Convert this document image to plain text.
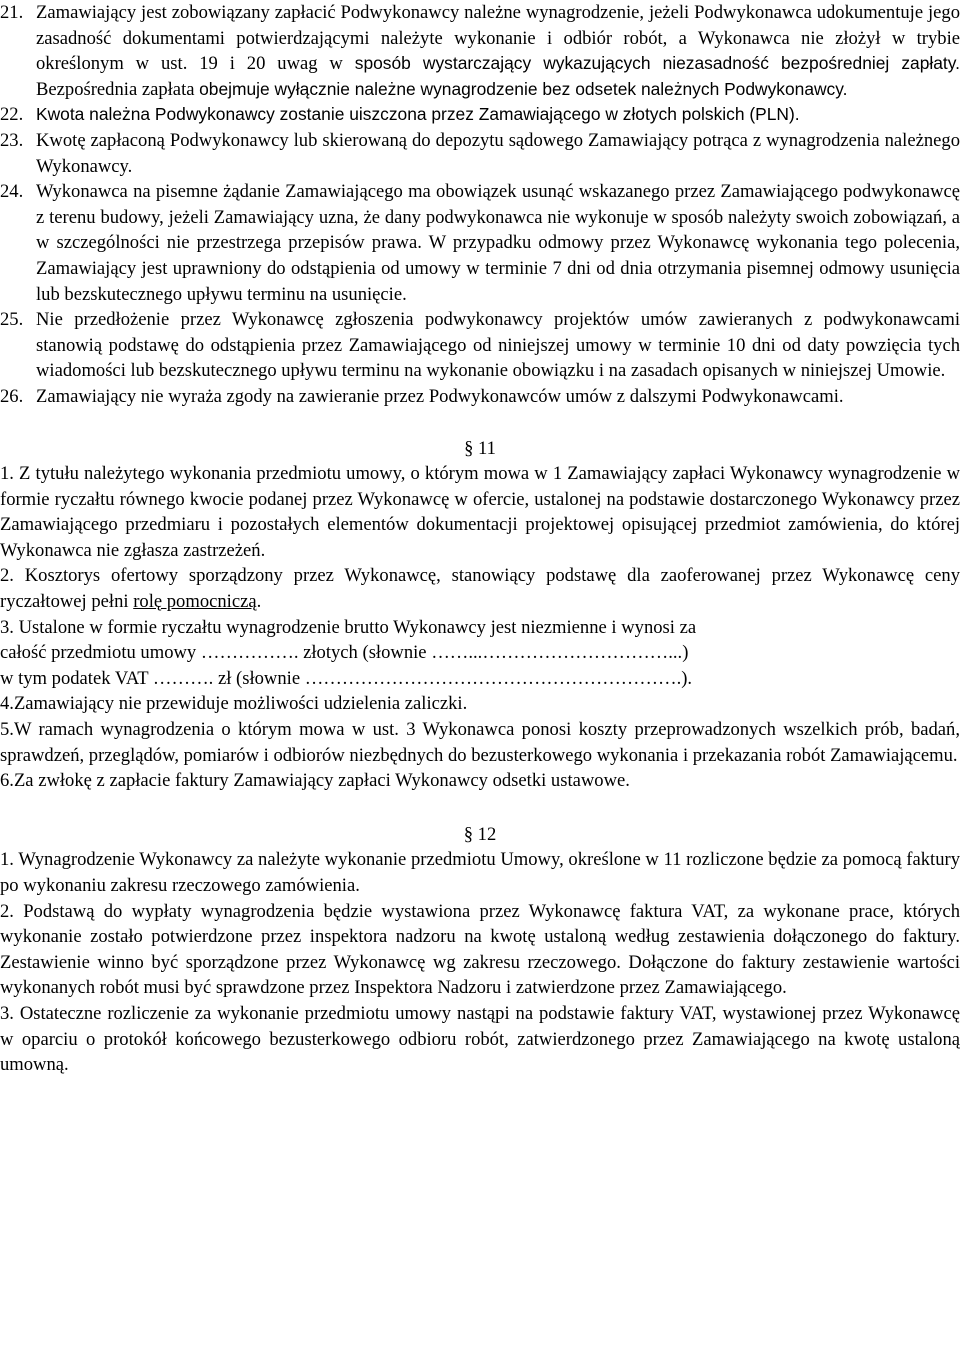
21. Zamawiający jest zobowiązany zapłacić Podwykonawcy należne wynagrodzenie, jeżeli Podwykonawca udokumentuje jego zasadność dokumentami potwierdzającymi należyte wykonanie i odbiór robót, a Wykonawca nie złożył w trybie określonym w ust. 19 i 20 uwag w sposób wystarczający wykazujących niezasadność bezpośredniej zapłaty. Bezpośrednia zapłata obejmuje wyłącznie należne wynagrodzenie bez odsetek należnych Podwykonawcy.
22. Kwota należna Podwykonawcy zostanie uiszczona przez Zamawiającego w złotych polskich (PLN).
23. Kwotę zapłaconą Podwykonawcy lub skierowaną do depozytu sądowego Zamawiający potrąca z wynagrodzenia należnego Wykonawcy.
24. Wykonawca na pisemne żądanie Zamawiającego ma obowiązek usunąć wskazanego przez Zamawiającego podwykonawcę z terenu budowy, jeżeli Zamawiający uzna, że dany podwykonawca nie wykonuje w sposób należyty swoich zobowiązań, a w szczególności nie przestrzega przepisów prawa. W przypadku odmowy przez Wykonawcę wykonania tego polecenia, Zamawiający jest uprawniony do odstąpienia od umowy w terminie 7 dni od dnia otrzymania pisemnej odmowy usunięcia lub bezskutecznego upływu terminu na usunięcie.
25. Nie przedłożenie przez Wykonawcę zgłoszenia podwykonawcy projektów umów zawieranych z podwykonawcami stanowią podstawę do odstąpienia przez Zamawiającego od niniejszej umowy w terminie 10 dni od daty powzięcia tych wiadomości lub bezskutecznego upływu terminu na wykonanie obowiązku i na zasadach opisanych w niniejszej Umowie.
26. Zamawiający nie wyraża zgody na zawieranie przez Podwykonawców umów z dalszymi Podwykonawcami.
§ 11
1. Z tytułu należytego wykonania przedmiotu umowy, o którym mowa w 1 Zamawiający zapłaci Wykonawcy wynagrodzenie w formie ryczałtu równego kwocie podanej przez Wykonawcę w ofercie, ustalonej na podstawie dostarczonego Wykonawcy przez Zamawiającego przedmiaru i pozostałych elementów dokumentacji projektowej opisującej przedmiot zamówienia, do której Wykonawca nie zgłasza zastrzeżeń.
2. Kosztorys ofertowy sporządzony przez Wykonawcę, stanowiący podstawę dla zaoferowanej przez Wykonawcę ceny ryczałtowej pełni rolę pomocniczą.
3. Ustalone w formie ryczałtu wynagrodzenie brutto Wykonawcy jest niezmienne i wynosi za
całość przedmiotu umowy ……………. złotych (słownie ……...…………………………...)
w tym podatek VAT ………. zł (słownie …………………………………………………….).
4.Zamawiający nie przewiduje możliwości udzielenia zaliczki.
5.W ramach wynagrodzenia o którym mowa w ust. 3 Wykonawca ponosi koszty przeprowadzonych wszelkich prób, badań, sprawdzeń, przeglądów, pomiarów i odbiorów niezbędnych do bezusterkowego wykonania i przekazania robót Zamawiającemu.
6.Za zwłokę z zapłacie faktury Zamawiający zapłaci Wykonawcy odsetki ustawowe.
§ 12
1. Wynagrodzenie Wykonawcy za należyte wykonanie przedmiotu Umowy, określone w 11 rozliczone będzie za pomocą faktury po wykonaniu zakresu rzeczowego zamówienia.
2. Podstawą do wypłaty wynagrodzenia będzie wystawiona przez Wykonawcę faktura VAT, za wykonane prace, których wykonanie zostało potwierdzone przez inspektora nadzoru na kwotę ustaloną według zestawienia dołączonego do faktury. Zestawienie winno być sporządzone przez Wykonawcę wg zakresu rzeczowego. Dołączone do faktury zestawienie wartości wykonanych robót musi być sprawdzone przez Inspektora Nadzoru i zatwierdzone przez Zamawiającego.
3. Ostateczne rozliczenie za wykonanie przedmiotu umowy nastąpi na podstawie faktury VAT, wystawionej przez Wykonawcę w oparciu o protokół końcowego bezusterkowego odbioru robót, zatwierdzonego przez Zamawiającego na kwotę ustaloną umowną.
